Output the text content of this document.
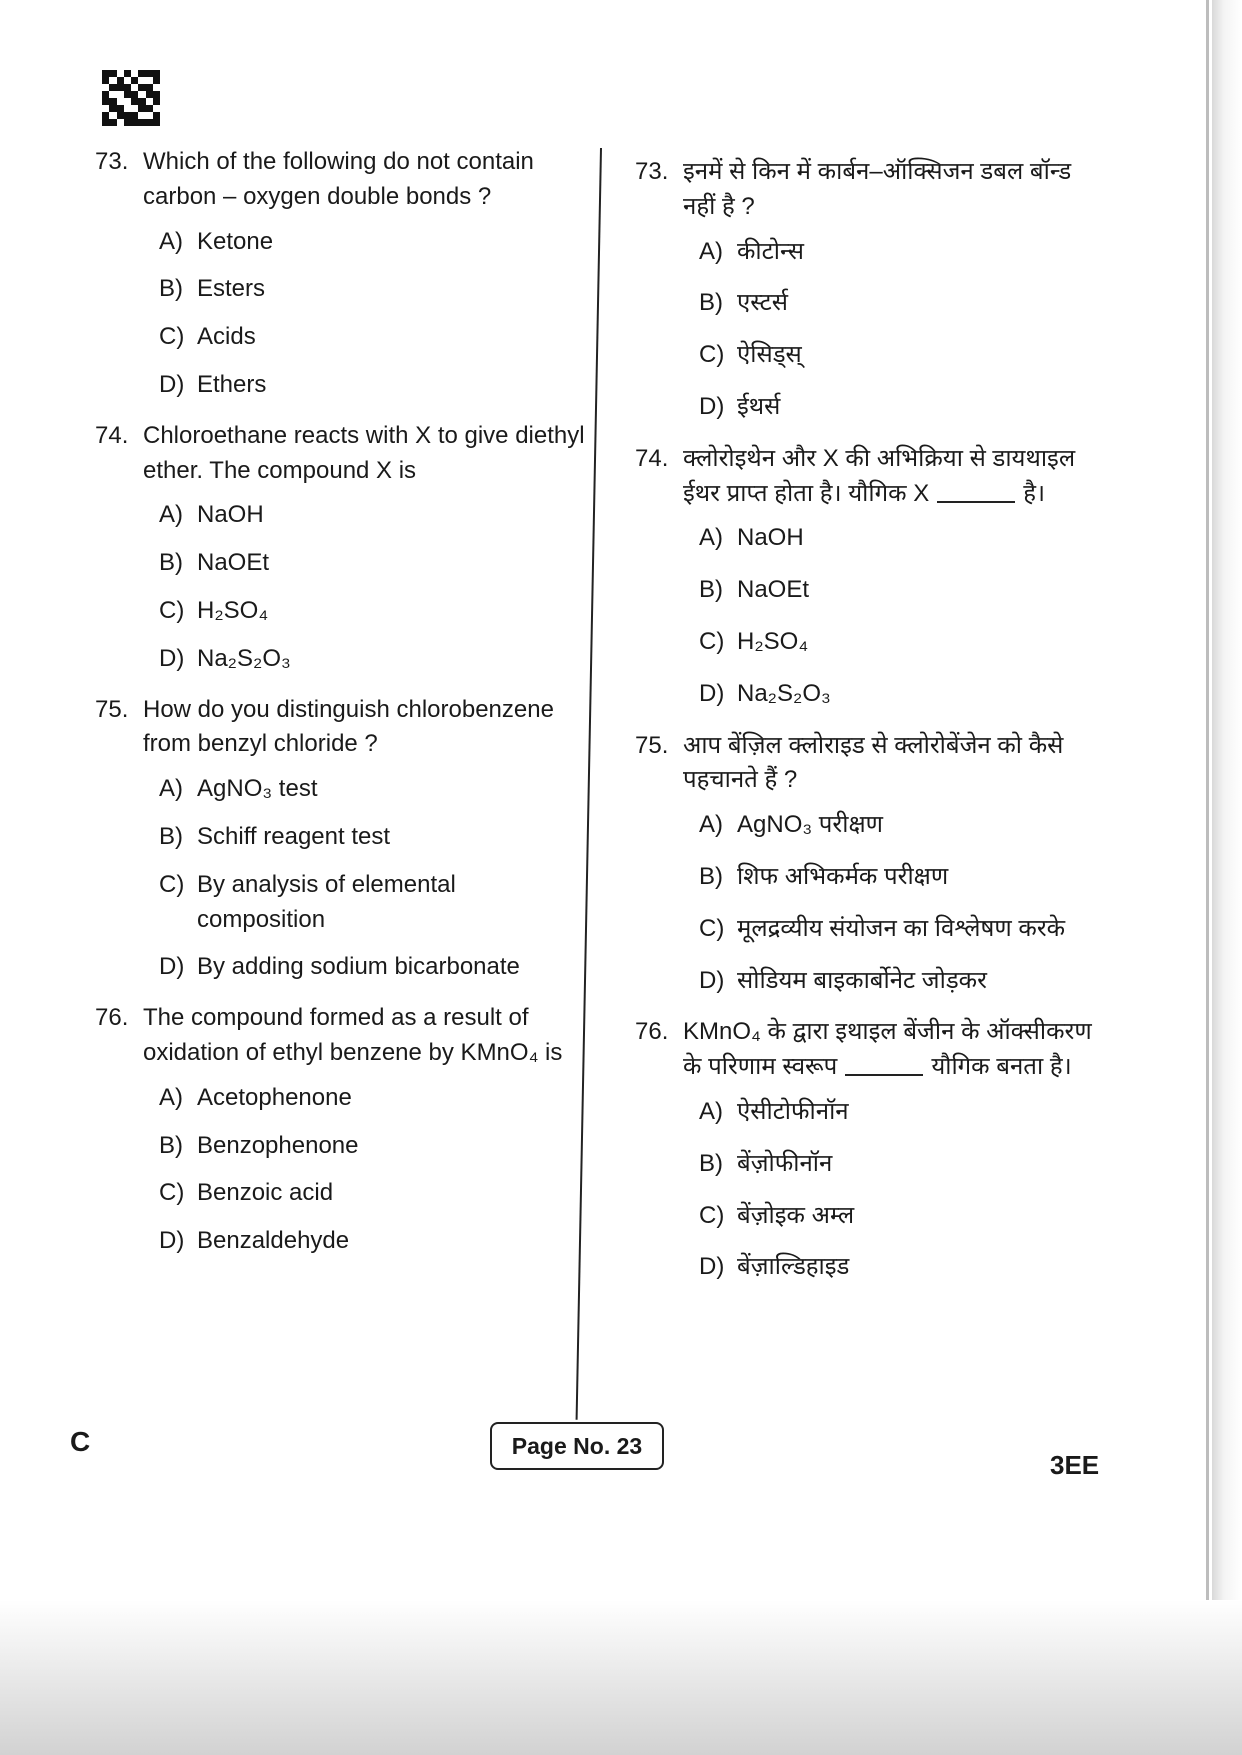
73. Which of the following do not contain carbon – oxygen double bonds ?
A) Ketone
B) Esters
C) Acids
D) Ethers
74. Chloroethane reacts with X to give diethyl ether. The compound X is
A) NaOH
B) NaOEt
C) H₂SO₄
D) Na₂S₂O₃
75. How do you distinguish chlorobenzene from benzyl chloride ?
A) AgNO₃ test
B) Schiff reagent test
C) By analysis of elemental composition
D) By adding sodium bicarbonate
76. The compound formed as a result of oxidation of ethyl benzene by KMnO₄ is
A) Acetophenone
B) Benzophenone
C) Benzoic acid
D) Benzaldehyde
73. इनमें से किन में कार्बन–ऑक्सिजन डबल बॉन्ड नहीं है ?
A) कीटोन्स
B) एस्टर्स
C) ऐसिड्स्
D) ईथर्स
74. क्लोरोइथेन और X की अभिक्रिया से डायथाइल ईथर प्राप्त होता है। यौगिक X	है।
A) NaOH
B) NaOEt
C) H₂SO₄
D) Na₂S₂O₃
75. आप बेंज़िल क्लोराइड से क्लोरोबेंजेन को कैसे पहचानते हैं ?
A) AgNO₃ परीक्षण
B) शिफ अभिकर्मक परीक्षण
C) मूलद्रव्यीय संयोजन का विश्लेषण करके
D) सोडियम बाइकार्बोनेट जोड़कर
76. KMnO₄ के द्वारा इथाइल बेंजीन के ऑक्सीकरण के परिणाम स्वरूप	यौगिक बनता है।
A) ऐसीटोफीनॉन
B) बेंज़ोफीनॉन
C) बेंज़ोइक अम्ल
D) बेंज़ाल्डिहाइड
C	Page No. 23
3EE
